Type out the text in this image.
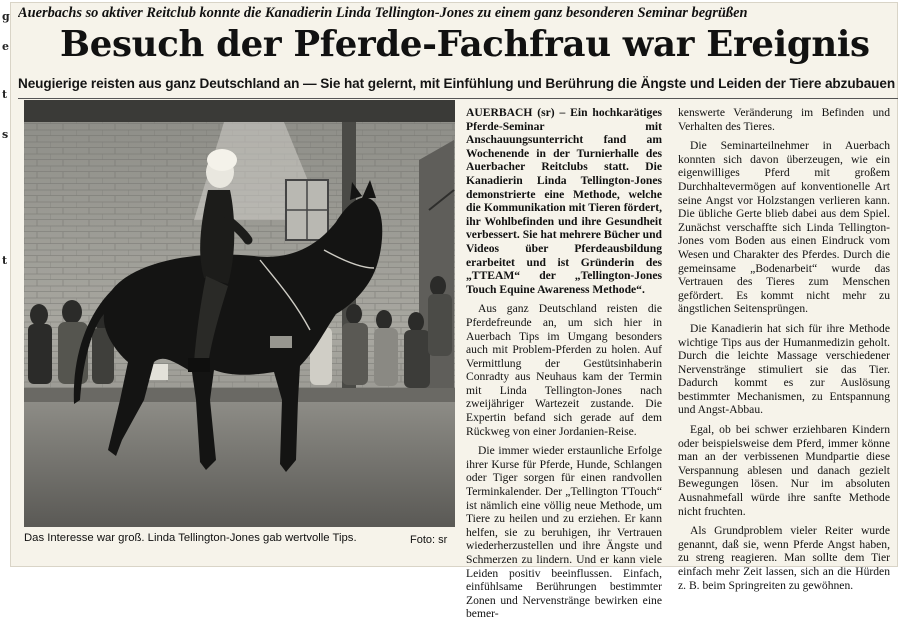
g
e
t
s
t
Auerbachs so aktiver Reitclub konnte die Kanadierin Linda Tellington-Jones zu einem ganz besonderen Seminar begrüßen
Besuch der Pferde-Fachfrau war Ereignis
Neugierige reisten aus ganz Deutschland an — Sie hat gelernt, mit Einfühlung und Berührung die Ängste und Leiden der Tiere abzubauen
Das Interesse war groß. Linda Tellington-Jones gab wertvolle Tips.	Foto: sr

AUERBACH (sr) – Ein hochkarätiges Pferde-Seminar mit Anschauungsunterricht fand am Wochenende in der Turnierhalle des Auerbacher Reitclubs statt. Die Kanadierin Linda Tellington-Jones demonstrierte eine Methode, welche die Kommunikation mit Tieren fördert, ihr Wohlbefinden und ihre Gesundheit verbessert. Sie hat mehrere Bücher und Videos über Pferdeausbildung erarbeitet und ist Gründerin des „TTEAM“ der „Tellington-Jones Touch Equine Awareness Methode“.

Aus ganz Deutschland reisten die Pferdefreunde an, um sich hier in Auerbach Tips im Umgang besonders auch mit Problem-Pferden zu holen. Auf Vermittlung der Gestütsinhaberin Conradty aus Neuhaus kam der Termin mit Linda Tellington-Jones nach zweijähriger Wartezeit zustande. Die Expertin befand sich gerade auf dem Rückweg von einer Jordanien-Reise.

Die immer wieder erstaunliche Erfolge ihrer Kurse für Pferde, Hunde, Schlangen oder Tiger sorgen für einen randvollen Terminkalender. Der „Tellington TTouch“ ist nämlich eine völlig neue Methode, um Tiere zu heilen und zu erziehen. Er kann helfen, sie zu beruhigen, ihr Vertrauen wiederherzustellen und ihre Ängste und Schmerzen zu lindern. Und er kann viele Leiden positiv beeinflussen. Einfach, einfühlsame Berührungen bestimmter Zonen und Nervenstränge bewirken eine bemer-

kenswerte Veränderung im Befinden und Verhalten des Tieres.

Die Seminarteilnehmer in Auerbach konnten sich davon überzeugen, wie ein eigenwilliges Pferd mit großem Durchhaltevermögen auf konventionelle Art seine Angst vor Holzstangen verlieren kann. Die übliche Gerte blieb dabei aus dem Spiel. Zunächst verschaffte sich Linda Tellington-Jones vom Boden aus einen Eindruck vom Wesen und Charakter des Pferdes. Durch die gemeinsame „Bodenarbeit“ wurde das Vertrauen des Tieres zum Menschen gefördert. Es kommt nicht mehr zu ängstlichen Seitensprüngen.

Die Kanadierin hat sich für ihre Methode wichtige Tips aus der Humanmedizin geholt. Durch die leichte Massage verschiedener Nervenstränge stimuliert sie das Tier. Dadurch kommt es zur Auslösung bestimmter Mechanismen, zu Entspannung und Angst-Abbau.

Egal, ob bei schwer erziehbaren Kindern oder beispielsweise dem Pferd, immer könne man an der verbissenen Mundpartie diese Verspannung ablesen und danach gezielt Bewegungen lösen. Nur im absoluten Ausnahmefall würde ihre sanfte Methode nicht fruchten.

Als Grundproblem vieler Reiter wurde genannt, daß sie, wenn Pferde Angst haben, zu streng reagieren. Man sollte dem Tier einfach mehr Zeit lassen, sich an die Hürden z. B. beim Springreiten zu gewöhnen.
